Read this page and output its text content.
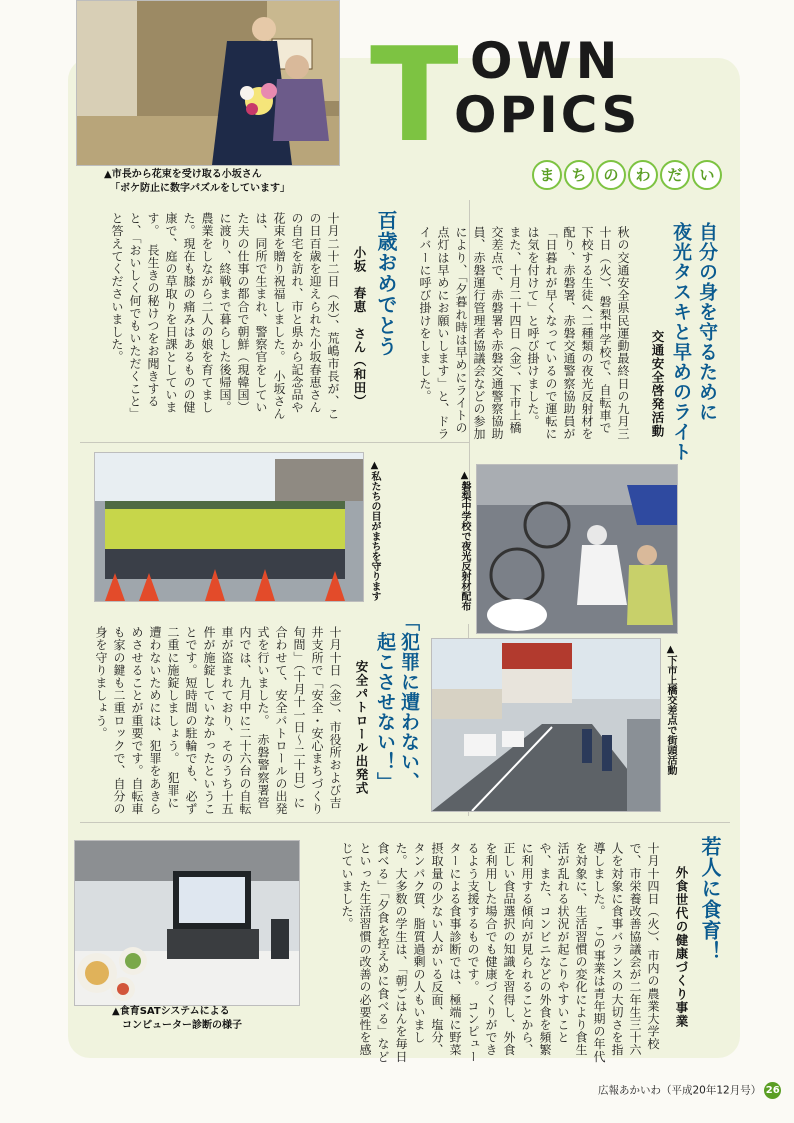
T OWN
OPICS
ま	ち	の	わ	だ	い
▲市長から花束を受け取る小坂さん
「ボケ防止に数字パズルをしています」
百歳おめでとう
小坂　春恵　さん（和田）
十月二十二日（水）、荒嶋市長が、この日百歳を迎えられた小坂春恵さんの自宅を訪れ、市と県から記念品や花束を贈り祝福しました。　小坂さんは、同所で生まれ、警察官をしていた夫の仕事の都合で朝鮮（現韓国）に渡り、終戦まで暮らした後帰国。農業をしながら二人の娘を育てました。現在も膝の痛みはあるものの健康で、庭の草取りを日課としています。　長生きの秘けつをお聞きすると、「おいしく何でもいただくこと」と答えてくださいました。	自分の身を守るために
夜光タスキと早めのライト
交通安全啓発活動
秋の交通安全県民運動最終日の九月三十日（火）、磐梨中学校で、自転車で下校する生徒へ二種類の夜光反射材を配り、赤磐署、赤磐交通警察協助員が「日暮れが早くなっているので運転には気を付けて」と呼び掛けました。　また、十月二十四日（金）、下市上橋交差点で、赤磐署や赤磐交通警察協助員、赤磐運行管理者協議会などの参加により、「夕暮れ時は早めにライトの点灯は早めにお願いします」と、ドライバーに呼び掛けをしました。
▲磐梨中学校で夜光反射材配布
▲下市上橋交差点で街頭活動
▲私たちの目がまちを守ります
「犯罪に遭わない、
起こさせない！」
安全パトロール出発式
十月十日（金）、市役所および吉井支所で「安全・安心まちづくり旬間」（十月十一日～二十日）に合わせて、安全パトロールの出発式を行いました。　赤磐警察署管内では、九月中に二十六台の自転車が盗まれており、そのうち十五件が施錠していなかったということです。短時間の駐輪でも、必ず二重に施錠しましょう。　犯罪に遭わないためには、犯罪をあきらめさせることが重要です。自転車も家の鍵も二重ロックで、自分の身を守りましょう。
若人に食育！
外食世代の健康づくり事業
十月十四日（火）、市内の農業大学校で、市栄養改善協議会が二年生三十六人を対象に食事バランスの大切さを指導しました。　この事業は青年期の年代を対象に、生活習慣の変化により食生活が乱れる状況が起こりやすいことや、また、コンビニなどの外食を頻繁に利用する傾向が見られることから、正しい食品選択の知識を習得し、外食を利用した場合でも健康づくりができるよう支援するものです。　コンピューターによる食事診断では、極端に野菜摂取量の少ない人がいる反面、塩分、タンパク質、脂質過剰の人もいました。大多数の学生は、「朝ごはんを毎日食べる」「夕食を控えめに食べる」などといった生活習慣の改善の必要性を感じていました。
▲食育SATシステムによる
コンピューター診断の様子
広報あかいわ（平成20年12月号） 26
